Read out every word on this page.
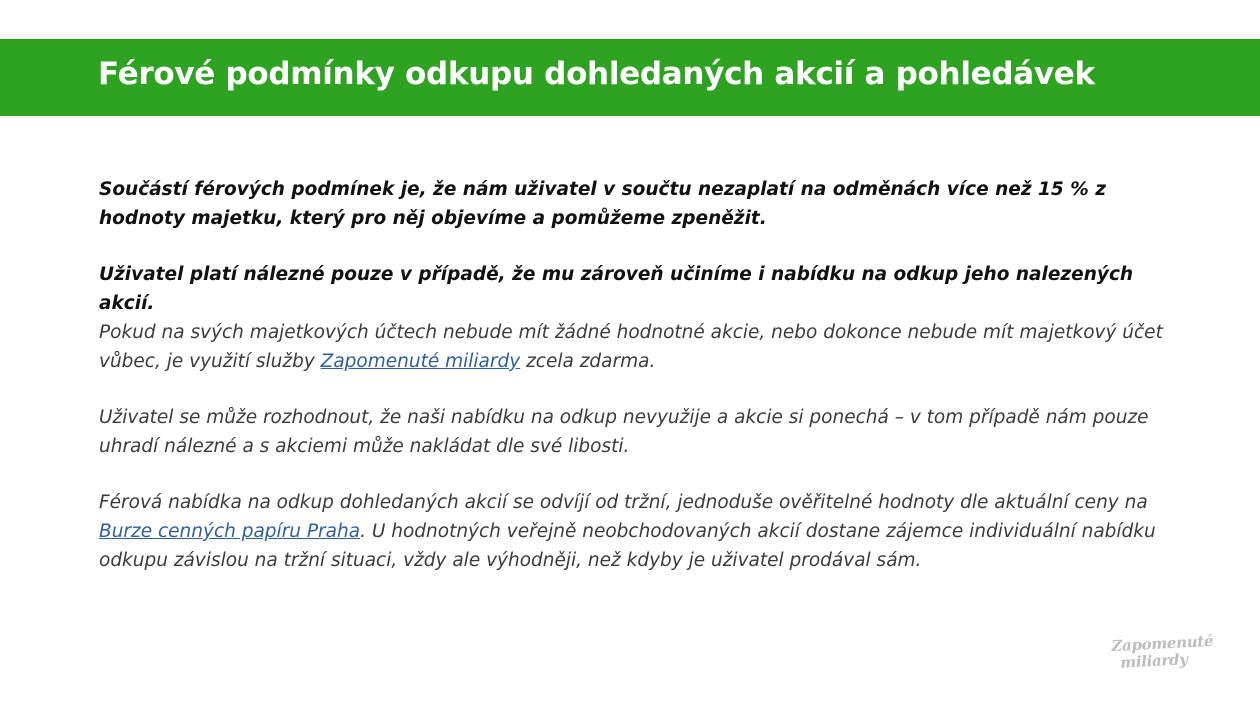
Férové podmínky odkupu dohledaných akcií a pohledávek

Součástí férových podmínek je, že nám uživatel v součtu nezaplatí na odměnách více než 15 % z hodnoty majetku, který pro něj objevíme a pomůžeme zpeněžit.

Uživatel platí nálezné pouze v případě, že mu zároveň učiníme i nabídku na odkup jeho nalezených akcií.
Pokud na svých majetkových účtech nebude mít žádné hodnotné akcie, nebo dokonce nebude mít majetkový účet vůbec, je využití služby Zapomenuté miliardy zcela zdarma.

Uživatel se může rozhodnout, že naši nabídku na odkup nevyužije a akcie si ponechá – v tom případě nám pouze uhradí nálezné a s akciemi může nakládat dle své libosti.

Férová nabídka na odkup dohledaných akcií se odvíjí od tržní, jednoduše ověřitelné hodnoty dle aktuální ceny na Burze cenných papíru Praha. U hodnotných veřejně neobchodovaných akcií dostane zájemce individuální nabídku odkupu závislou na tržní situaci, vždy ale výhodněji, než kdyby je uživatel prodával sám.

Zapomenuté
miliardy
